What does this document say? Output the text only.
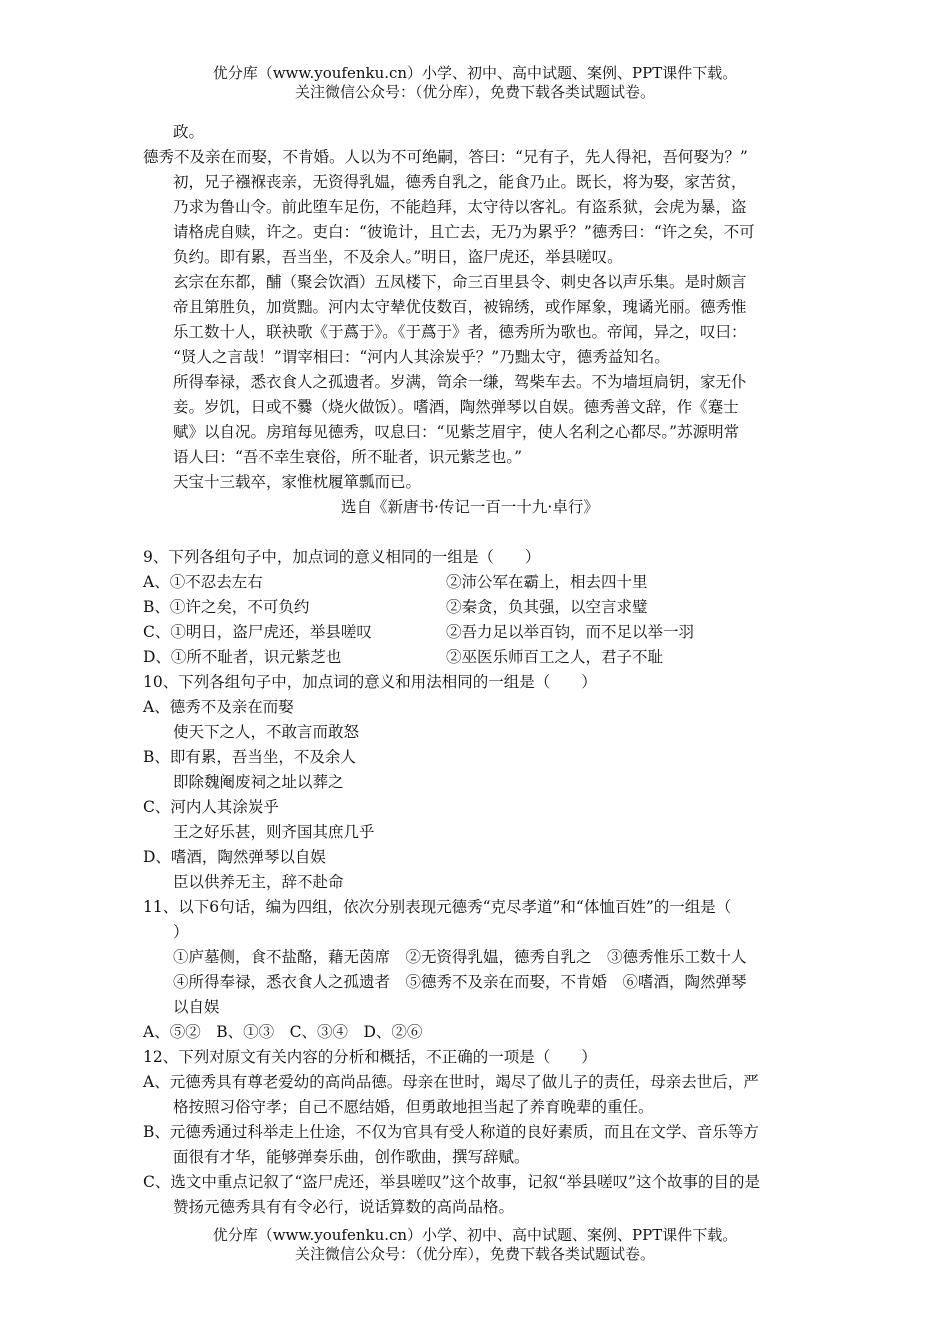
优分库（www.youfenku.cn）小学、初中、高中试题、案例、PPT课件下载。
关注微信公众号：（优分库），免费下载各类试题试卷。
政。
德秀不及亲在而娶，不肯婚。人以为不可绝嗣，答曰：“兄有子，先人得祀，吾何娶为？”
初，兄子襁褓丧亲，无资得乳媪，德秀自乳之，能食乃止。既长，将为娶，家苦贫，
乃求为鲁山令。前此堕车足伤，不能趋拜，太守待以客礼。有盗系狱，会虎为暴，盗
请格虎自赎，许之。吏白：“彼诡计，且亡去，无乃为累乎？”德秀曰：“许之矣，不可
负约。即有累，吾当坐，不及余人。”明日，盗尸虎还，举县嗟叹。
玄宗在东都，酺（聚会饮酒）五凤楼下，命三百里县令、刺史各以声乐集。是时颇言
帝且第胜负，加赏黜。河内太守辇优伎数百，被锦绣，或作犀象，瑰谲光丽。德秀惟
乐工数十人，联袂歌《于蔿于》。《于蔿于》者，德秀所为歌也。帝闻，异之，叹曰：
“贤人之言哉！”谓宰相曰：“河内人其涂炭乎？”乃黜太守，德秀益知名。
所得奉禄，悉衣食人之孤遗者。岁满，笥余一缣，驾柴车去。不为墙垣扃钥，家无仆
妾。岁饥，日或不爨（烧火做饭）。嗜酒，陶然弹琴以自娱。德秀善文辞，作《蹇士
赋》以自况。房琯每见德秀，叹息曰：“见紫芝眉宇，使人名利之心都尽。”苏源明常
语人曰：“吾不幸生衰俗，所不耻者，识元紫芝也。”
天宝十三载卒，家惟枕履箪瓢而已。
选自《新唐书·传记一百一十九·卓行》
9、下列各组句子中，加点词的意义相同的一组是（　　）
A、①不忍去左右	②沛公军在霸上，相去四十里
B、①许之矣，不可负约	②秦贪，负其强，以空言求璧
C、①明日，盗尸虎还，举县嗟叹	②吾力足以举百钧，而不足以举一羽
D、①所不耻者，识元紫芝也	②巫医乐师百工之人，君子不耻
10、下列各组句子中，加点词的意义和用法相同的一组是（　　）
A、德秀不及亲在而娶
使天下之人，不敢言而敢怒
B、即有累，吾当坐，不及余人
即除魏阉废祠之址以葬之
C、河内人其涂炭乎
王之好乐甚，则齐国其庶几乎
D、嗜酒，陶然弹琴以自娱
臣以供养无主，辞不赴命
11、以下6句话，编为四组，依次分别表现元德秀“克尽孝道”和“体恤百姓”的一组是（
）
①庐墓侧，食不盐酪，藉无茵席　②无资得乳媪，德秀自乳之　③德秀惟乐工数十人
④所得奉禄，悉衣食人之孤遗者　⑤德秀不及亲在而娶，不肯婚　⑥嗜酒，陶然弹琴
以自娱
A、⑤②　B、①③　C、③④　D、②⑥
12、下列对原文有关内容的分析和概括，不正确的一项是（　　）
A、元德秀具有尊老爱幼的高尚品德。母亲在世时，竭尽了做儿子的责任，母亲去世后，严
格按照习俗守孝；自己不愿结婚，但勇敢地担当起了养育晚辈的重任。
B、元德秀通过科举走上仕途，不仅为官具有受人称道的良好素质，而且在文学、音乐等方
面很有才华，能够弹奏乐曲，创作歌曲，撰写辞赋。
C、选文中重点记叙了“盗尸虎还，举县嗟叹”这个故事，记叙“举县嗟叹”这个故事的目的是
赞扬元德秀具有有令必行，说话算数的高尚品格。
优分库（www.youfenku.cn）小学、初中、高中试题、案例、PPT课件下载。
关注微信公众号：（优分库），免费下载各类试题试卷。
